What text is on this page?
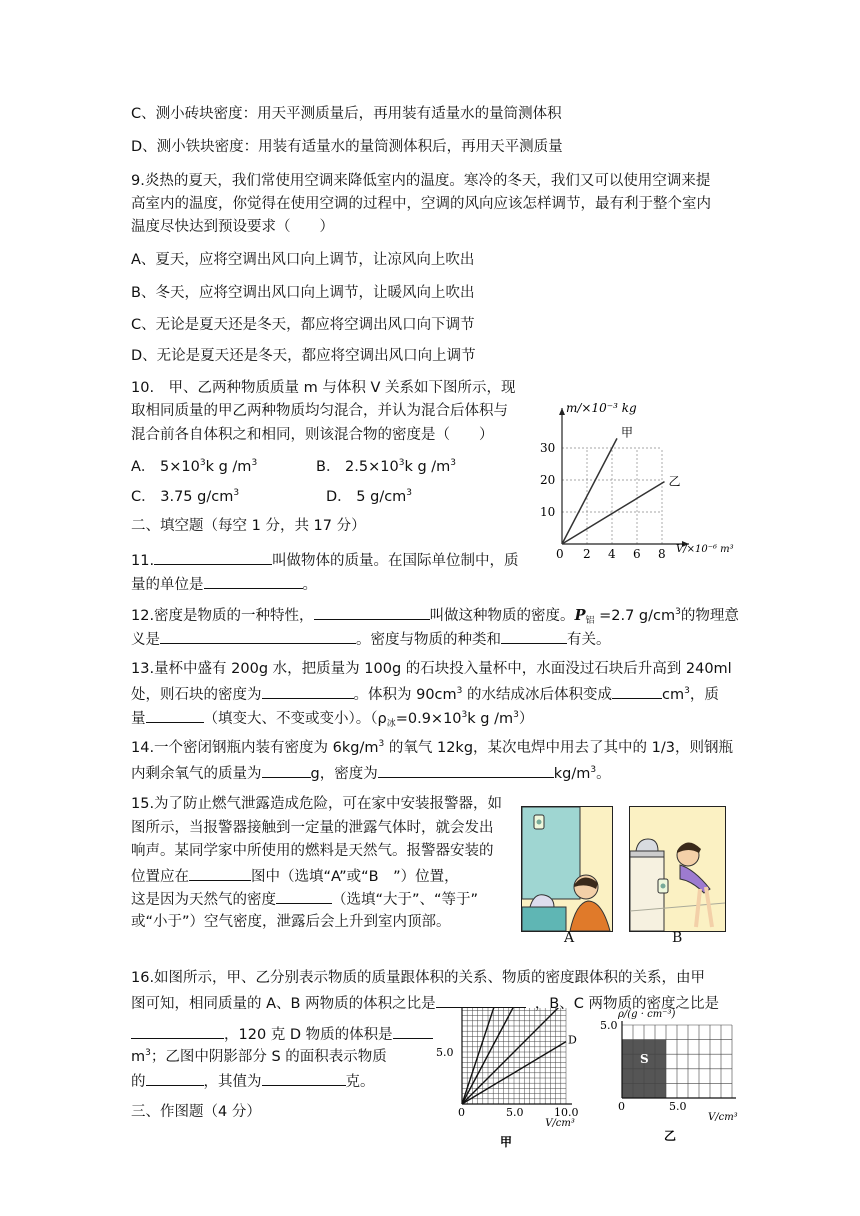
C、测小砖块密度：用天平测质量后，再用装有适量水的量筒测体积
D、测小铁块密度：用装有适量水的量筒测体积后，再用天平测质量
9.炎热的夏天，我们常使用空调来降低室内的温度。寒冷的冬天，我们又可以使用空调来提
高室内的温度，你觉得在使用空调的过程中，空调的风向应该怎样调节，最有利于整个室内
温度尽快达到预设要求（　　）
A、夏天，应将空调出风口向上调节，让凉风向上吹出
B、冬天，应将空调出风口向上调节，让暖风向上吹出
C、无论是夏天还是冬天，都应将空调出风口向下调节
D、无论是夏天还是冬天，都应将空调出风口向上调节
10.　甲、乙两种物质质量 m 与体积 V 关系如下图所示，现
取相同质量的甲乙两种物质均匀混合，并认为混合后体积与
混合前各自体积之和相同，则该混合物的密度是（　　）
A． $5\times 10^3k$ g $/m^3$	B． $2.5\times 10^3k$ g $/m^3$
C． 3.75 $g/cm^3$	D． 5 $g/cm^3$
0 2 4 6 8
10
20
30
m/×10⁻³ kg
V/×10⁻⁶ m³
甲
乙
二、填空题（每空 1 分，共 17 分）
11.	叫做物体的质量。在国际单位制中，质
量的单位是	。
12.密度是物质的一种特性，	叫做这种物质的密度。$P_铝 =2.7$ $g/cm^3$的物理意
义是	。密度与物质的种类和	有关。
13.量杯中盛有 200g 水，把质量为 100g 的石块投入量杯中，水面没过石块后升高到 240ml
处，则石块的密度为	。体积为 $90cm^3$ 的水结成冰后体积变成	$cm^3$，质
量	（填变大、不变或变小）。（$\rho_冰=0.9\times 10^3k$ g $/m^3$）
14.一个密闭钢瓶内装有密度为 $6kg/m^3$ 的氧气 12kg，某次电焊中用去了其中的 1/3，则钢瓶
内剩余氧气的质量为	g，密度为	$kg/m^3$。
15.为了防止燃气泄露造成危险，可在家中安装报警器，如
图所示，当报警器接触到一定量的泄露气体时，就会发出
响声。某同学家中所使用的燃料是天然气。报警器安装的
位置应在	图中（选填“A”或“B　”）位置，
这是因为天然气的密度	（选填“大于”、“等于”
或“小于”）空气密度，泄露后会上升到室内顶部。
A	B
16.如图所示，甲、乙分别表示物质的质量跟体积的关系、物质的密度跟体积的关系，由甲
图可知，相同质量的 A、B 两物质的体积之比是	，B、C 两物质的密度之比是
，120 克 D 物质的体积是
$m^3$；乙图中阴影部分 S 的面积表示物质
的	，其值为	克。
三、作图题（4 分）	0	5.0	10.0
5.0
V/cm³
D
甲
ρ/(g · cm⁻³)
5.0
0	5.0
V/cm³
S
乙
